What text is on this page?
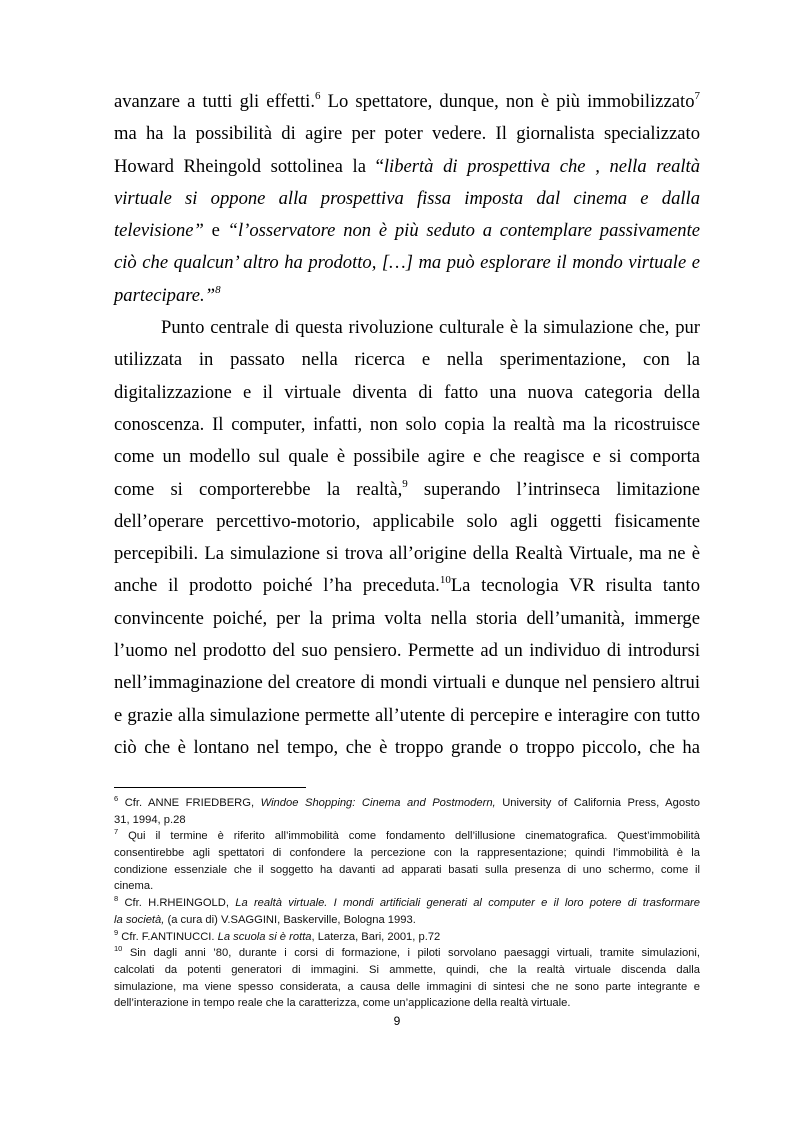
avanzare a tutti gli effetti.$^6$ Lo spettatore, dunque, non è più immobilizzato$^7$
ma ha la possibilità di agire per poter vedere. Il giornalista specializzato
Howard Rheingold sottolinea la “libertà di prospettiva che , nella realtà
virtuale si oppone alla prospettiva fissa imposta dal cinema e dalla
televisione” e “l’osservatore non è più seduto a contemplare passivamente
ciò che qualcun’ altro ha prodotto, […] ma può esplorare il mondo virtuale e
partecipare.”$^8$
Punto centrale di questa rivoluzione culturale è la simulazione che, pur
utilizzata in passato nella ricerca e nella sperimentazione, con la
digitalizzazione e il virtuale diventa di fatto una nuova categoria della
conoscenza. Il computer, infatti, non solo copia la realtà ma la ricostruisce
come un modello sul quale è possibile agire e che reagisce e si comporta
come si comporterebbe la realtà,$^9$ superando l’intrinseca limitazione
dell’operare percettivo-motorio, applicabile solo agli oggetti fisicamente
percepibili. La simulazione si trova all’origine della Realtà Virtuale, ma ne è
anche il prodotto poiché l’ha preceduta.$^{10}$La tecnologia VR risulta tanto
convincente poiché, per la prima volta nella storia dell’umanità, immerge
l’uomo nel prodotto del suo pensiero. Permette ad un individuo di introdursi
nell’immaginazione del creatore di mondi virtuali e dunque nel pensiero altrui
e grazie alla simulazione permette all’utente di percepire e interagire con tutto
ciò che è lontano nel tempo, che è troppo grande o troppo piccolo, che ha
$^6$ Cfr. ANNE FRIEDBERG, Windoe Shopping: Cinema and Postmodern, University of California Press, Agosto
31, 1994, p.28
$^7$ Qui il termine è riferito all’immobilità come fondamento dell’illusione cinematografica. Quest’immobilità
consentirebbe agli spettatori di confondere la percezione con la rappresentazione; quindi l’immobilità è la
condizione essenziale che il soggetto ha davanti ad apparati basati sulla presenza di uno schermo, come il
cinema.
$^8$ Cfr. H.RHEINGOLD, La realtà virtuale. I mondi artificiali generati al computer e il loro potere di trasformare
la società, (a cura di) V.SAGGINI, Baskerville, Bologna 1993.
$^9$ Cfr. F.ANTINUCCI. La scuola si è rotta, Laterza, Bari, 2001, p.72
$^{10}$ Sin dagli anni ’80, durante i corsi di formazione, i piloti sorvolano paesaggi virtuali, tramite simulazioni,
calcolati da potenti generatori di immagini. Si ammette, quindi, che la realtà virtuale discenda dalla
simulazione, ma viene spesso considerata, a causa delle immagini di sintesi che ne sono parte integrante e
dell’interazione in tempo reale che la caratterizza, come un’applicazione della realtà virtuale.
9
